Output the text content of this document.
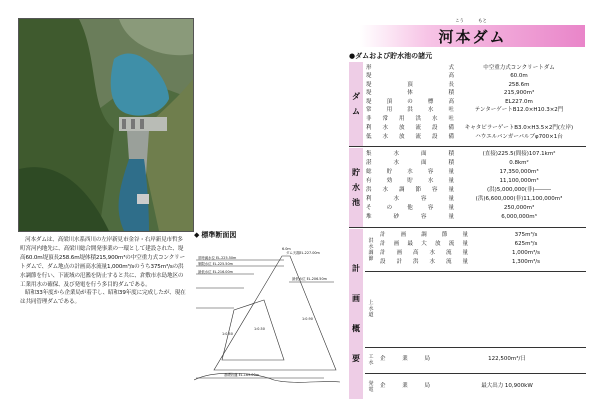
河本ダムは、高梁川水系西川の左岸新見市金谷・右岸新見市哲多町宮河内地先に、高梁川総合開発事業の一環として建設された、堤高60.0m堤頂長258.6m堤体積215,900m³の中空重力式コンクリートダムで、ダム地点の計画高水流量1,000m³/sのうち375m³/sの洪水調節を行い、下流域の氾濫を防止すると共に、倉敷市水島地区の工業用水の確保、及び発電を行う多目的ダムである。

昭和33年度から企業局が着手し、昭和39年度に完成したが、現在は共同管理ダムである。

◆ 標準断面図
ダム天端EL.227.00m
常時満水位 EL.225.50m
制限水位 EL.225.50m
最低水位 EL.216.00m
最低水位 EL.206.50m
基礎岩盤 EL.169.00m
1:0.90
1:0.50
1:0.50
6.0m
河本ダム
こう	もと
●ダムおよび貯水池の諸元
ダ
ム
形式	中空重力式コンクリートダム
堤高	60.0m
堤頂長	258.6m
堤体積	215,900m³
堤頂の標高	EL227.0m
常用洪水吐	テンターゲートB12.0×H10.3×2門
非常用洪水吐
利水放流設備	キャタピラーゲートB3.0×H3.5×2門(左岸)
低水放流設備	ハウエルバンガーバルブφ700×1台
貯
水
池
集水面積	(直接)225.5(間接)107.1km²
湛水面積	0.8km²
総貯水容量	17,350,000m³
有効貯水量	11,100,000m³
洪水調節容量	(洪)5,000,000(非)―――
利水容量	(洪)6,600,000(非)11,100,000m³
その他容量	250,000m³
堆砂容量	6,000,000m³
計
画
概
要
洪
水
調
節
計画調節量	375m³/s
計画最大放流量	625m³/s
計画高水流量	1,000m³/s
設計洪水流量	1,300m³/s
上
水
道
工
水
企業局	122,500m³/日
発
電
企業局	最大出力 10,900kW
